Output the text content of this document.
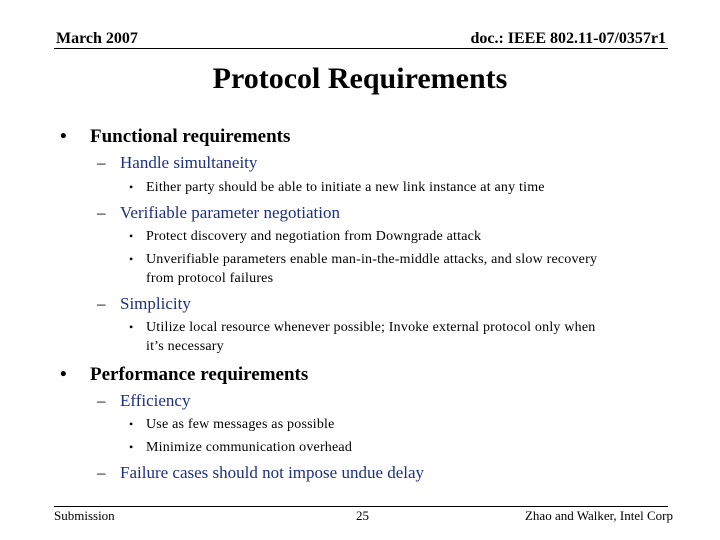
March 2007	doc.: IEEE 802.11-07/0357r1
Protocol Requirements
• Functional requirements
– Handle simultaneity
• Either party should be able to initiate a new link instance at any time
– Verifiable parameter negotiation
• Protect discovery and negotiation from Downgrade attack
• Unverifiable parameters enable man-in-the-middle attacks, and slow recovery
from protocol failures
– Simplicity
• Utilize local resource whenever possible; Invoke external protocol only when
it’s necessary
• Performance requirements
– Efficiency
• Use as few messages as possible
• Minimize communication overhead
– Failure cases should not impose undue delay
Submission	25	Zhao and Walker, Intel Corp
